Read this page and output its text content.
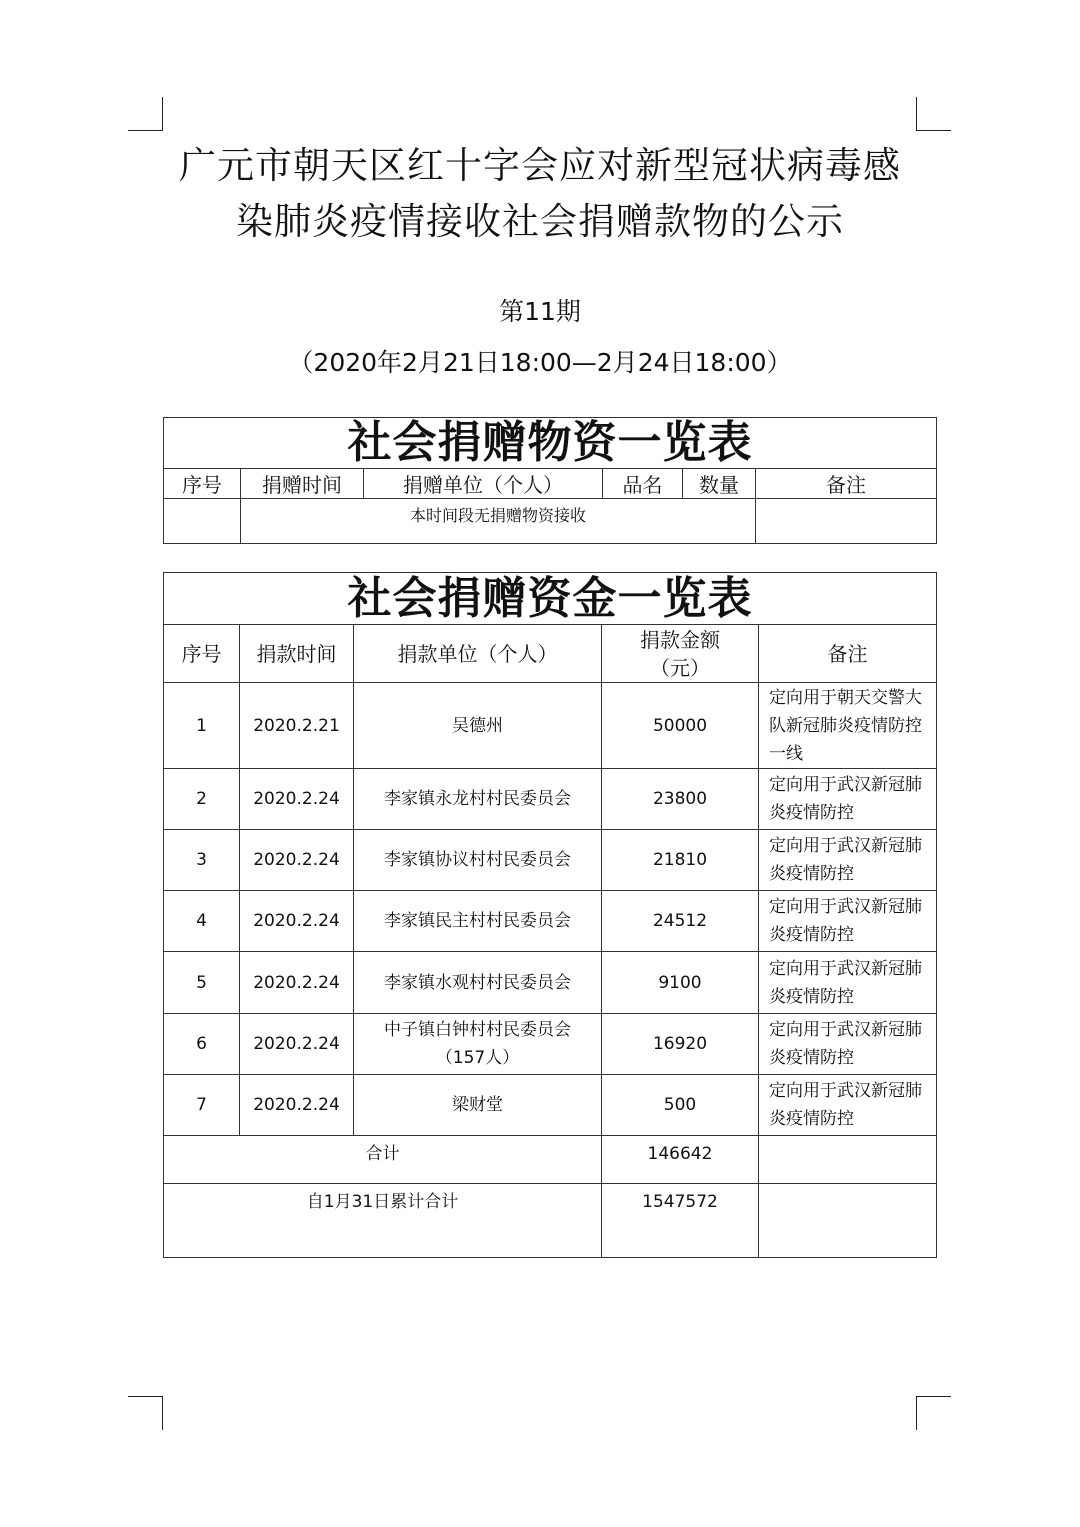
广元市朝天区红十字会应对新型冠状病毒感
染肺炎疫情接收社会捐赠款物的公示
第11期
（2020年2月21日18:00—2月24日18:00）
社会捐赠物资一览表					
序号	捐赠时间	捐赠单位（个人）	品名	数量	备注
	本时间段无捐赠物资接收				
社会捐赠资金一览表				
序号	捐款时间	捐款单位（个人）	捐款金额（元）	备注
1	2020.2.21	吴德州	50000	定向用于朝天交警大队新冠肺炎疫情防控一线
2	2020.2.24	李家镇永龙村村民委员会	23800	定向用于武汉新冠肺炎疫情防控
3	2020.2.24	李家镇协议村村民委员会	21810	定向用于武汉新冠肺炎疫情防控
4	2020.2.24	李家镇民主村村民委员会	24512	定向用于武汉新冠肺炎疫情防控
5	2020.2.24	李家镇水观村村民委员会	9100	定向用于武汉新冠肺炎疫情防控
6	2020.2.24	中子镇白钟村村民委员会（157人）	16920	定向用于武汉新冠肺炎疫情防控
7	2020.2.24	梁财堂	500	定向用于武汉新冠肺炎疫情防控
合计			146642	
自1月31日累计合计			1547572	
